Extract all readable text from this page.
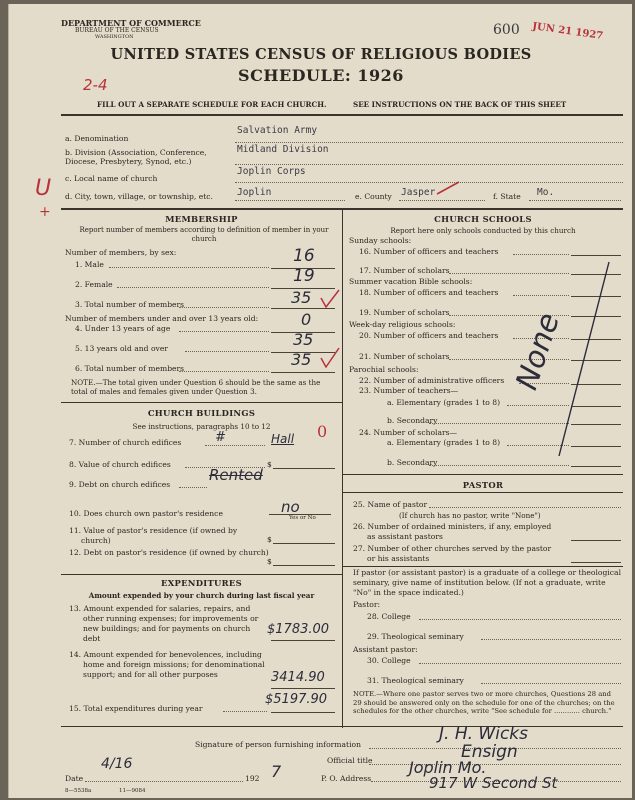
DEPARTMENT OF COMMERCE
BUREAU OF THE CENSUS
WASHINGTON	600 JUN 21 1927
UNITED STATES CENSUS OF RELIGIOUS BODIES
SCHEDULE: 1926
2-4
FILL OUT A SEPARATE SCHEDULE FOR EACH CHURCH.	SEE INSTRUCTIONS ON THE BACK OF THIS SHEET
a. Denomination
Salvation Army
b. Division (Association, Conference, Diocese, Presbytery, Synod, etc.)
Midland Division
Joplin Corps
c. Local name of church
U
+
d. City, town, village, or township, etc.	Joplin	e. County Jasper	f. State Mo.
MEMBERSHIP
Report number of members according to definition of member in your church
Number of members, by sex:
1. Male	16
2. Female	19
3. Total number of members	35
Number of members under and over 13 years old:
4. Under 13 years of age	0
5. 13 years old and over	35
6. Total number of members	35
NOTE.—The total given under Question 6 should be the same as the total of males and females given under Question 3.
CHURCH BUILDINGS
See instructions, paragraphs 10 to 12
7. Number of church edifices	#	Hall 0
8. Value of church edifices	$
9. Debt on church edifices
Rented
10. Does church own pastor's residence	no
Yes or No
11. Value of pastor's residence (if owned by church)	$
12. Debt on pastor's residence (if owned by church)
$
EXPENDITURES
Amount expended by your church during last fiscal year
13. Amount expended for salaries, repairs, and other running expenses; for improvements or new buildings; and for payments on church debt
$1783.00
14. Amount expended for benevolences, including home and foreign missions; for denominational support; and for all other purposes	3414.90
15. Total expenditures during year
$5197.90
CHURCH SCHOOLS
Report here only schools conducted by this church
Sunday schools:
16. Number of officers and teachers
17. Number of scholars
Summer vacation Bible schools:
18. Number of officers and teachers
19. Number of scholars
Week-day religious schools:
20. Number of officers and teachers
21. Number of scholars
Parochial schools:
22. Number of administrative officers
23. Number of teachers—
a. Elementary (grades 1 to 8)
b. Secondary
24. Number of scholars—
a. Elementary (grades 1 to 8)
b. Secondary
None
PASTOR
25. Name of pastor
(If church has no pastor, write "None")
26. Number of ordained ministers, if any, employed as assistant pastors
27. Number of other churches served by the pastor or his assistants
If pastor (or assistant pastor) is a graduate of a college or theological seminary, give name of institution below. (If not a graduate, write "No" in the space indicated.)
Pastor:
28. College
29. Theological seminary
Assistant pastor:
30. College
31. Theological seminary
NOTE.—Where one pastor serves two or more churches, Questions 28 and 29 should be answered only on the schedule for one of the churches; on the schedules for the other churches, write "See schedule for ............ church."
Signature of person furnishing information
J. H. Wicks
Official title	Ensign
Date
4/16
192 7	P. O. Address
Joplin Mo.
917 W Second St
8—5538a	11—9084
